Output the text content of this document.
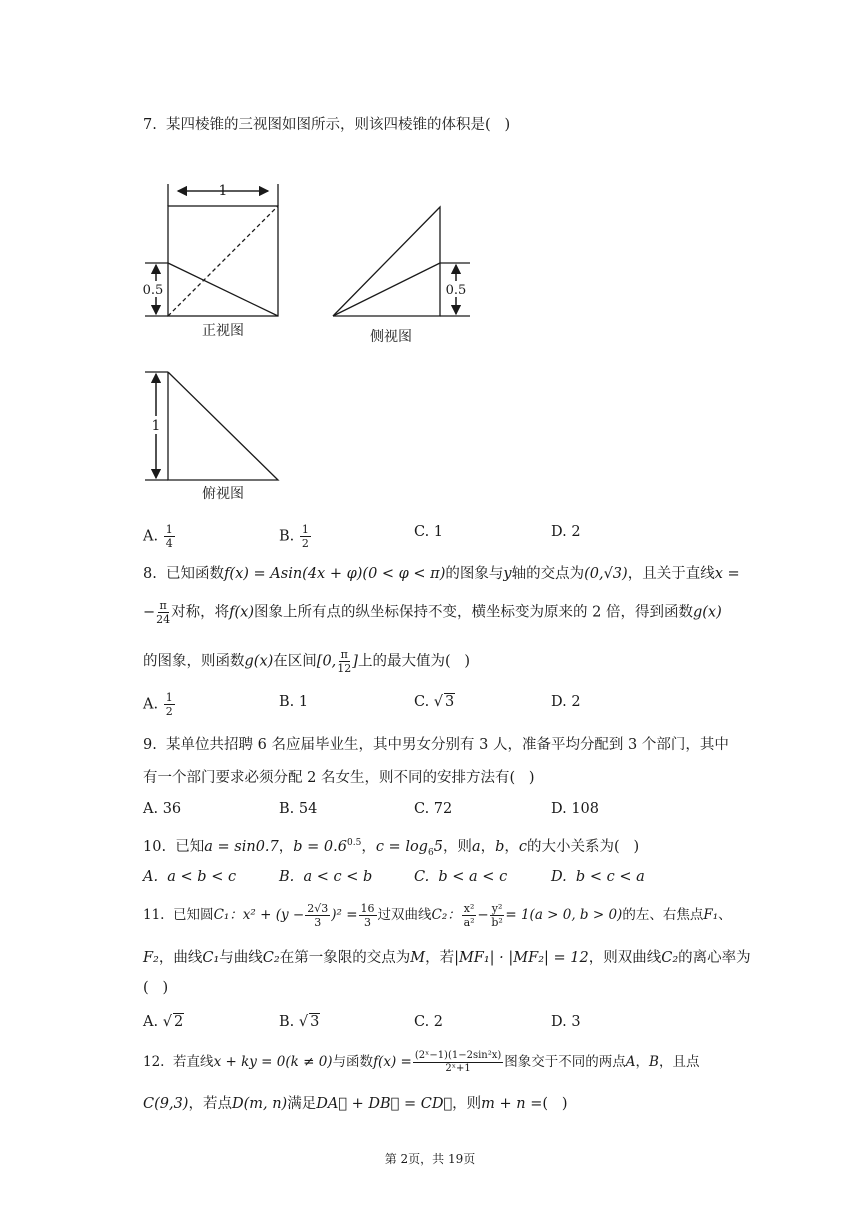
7.  某四棱锥的三视图如图所示，则该四棱锥的体积是(   )
1
0.5
正视图
0.5
侧视图
1
俯视图
A. $\frac{1}{4}$	B. $\frac{1}{2}$	C. 1	D. 2
8.  已知函数f(x) = Asin(4x + φ)(0 < φ < π)的图象与y轴的交点为(0,√3)，且关于直线x =
− $\frac{\pi}{24}$ 对称，将f(x)图象上所有点的纵坐标保持不变，横坐标变为原来的 2 倍，得到函数g(x)
的图象，则函数g(x)在区间[0, $\frac{\pi}{12}$ ]上的最大值为(   )
A. $\frac{1}{2}$	B. 1	C. √ 3	D. 2
9.  某单位共招聘 6 名应届毕业生，其中男女分别有 3 人，准备平均分配到 3 个部门，其中
有一个部门要求必须分配 2 名女生，则不同的安排方法有(   )
A. 36	B. 54	C. 72	D. 108
10.  已知a = sin0.7，$b = 0.6^{0.5}$，$c = \log_65$，则a，b，c的大小关系为(   )
A.  a < b < c	B.  a < c < b	C.  b < a < c	D.  b < c < a
11.  已知圆C₁：$x^2 + (y - \frac{2√3}{3} )^2 = \frac{16}{3}$ 过双曲线C₂： $\frac{\text{x²}}{\text{a²}} - \frac{\text{y²}}{\text{b²}} = 1(a > 0$, b > 0)的左、右焦点F₁、
F₂，曲线C₁与曲线C₂在第一象限的交点为M，若|MF₁| · |MF₂| = 12，则双曲线C₂的离心率为
(   )
A. √ 2	B. √ 3	C. 2	D. 3
12.  若直线x + ky = 0(k ≠ 0)与函数$f(x) = \frac{\text{(2ˣ−1)(1−2sin²x)}}{\text{2ˣ+1}}$ 图象交于不同的两点A，B，且点
C(9,3)，若点D(m, n)满足DA⃗ + DB⃗ = CD⃗，则m + n =(   )
第 2页，共 19页
